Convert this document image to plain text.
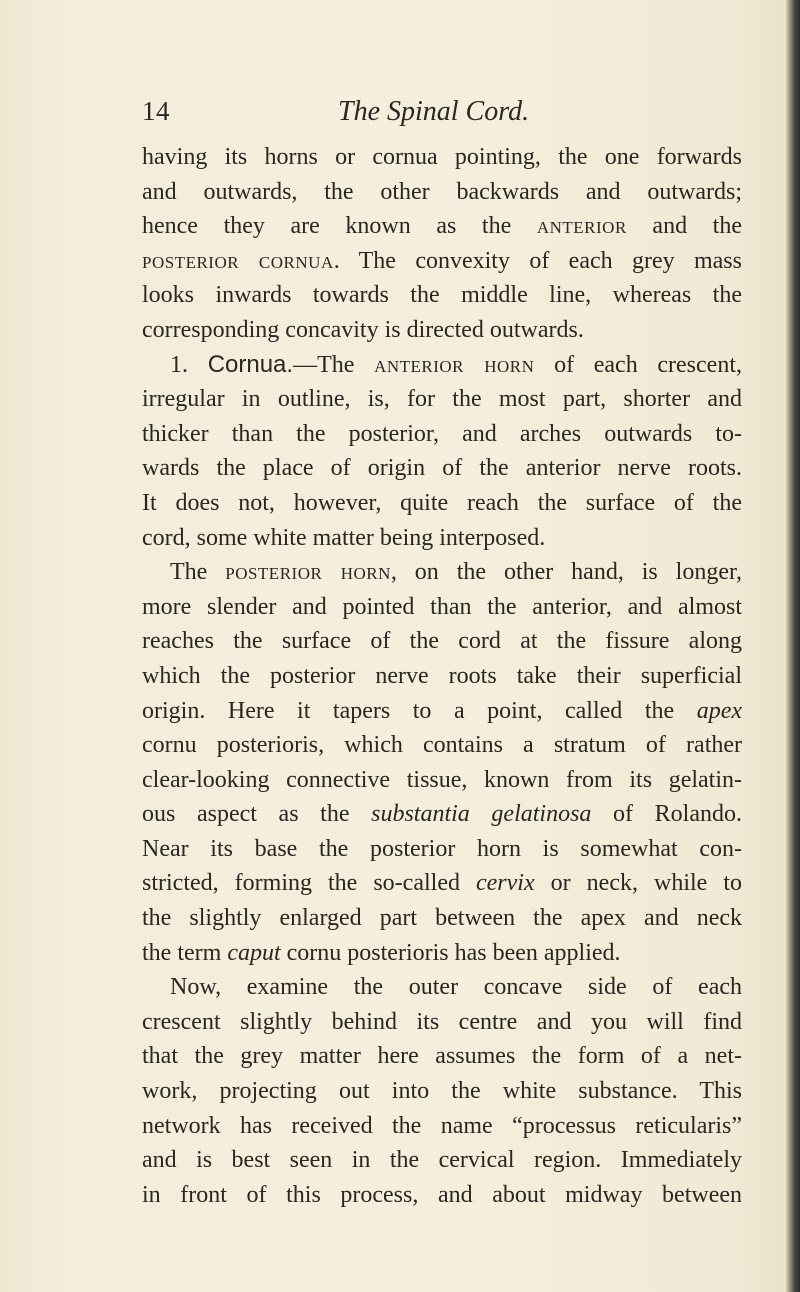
14	The Spinal Cord.
having its horns or cornua pointing, the one forwards
and outwards, the other backwards and outwards;
hence they are known as the anterior and the
posterior cornua. The convexity of each grey mass
looks inwards towards the middle line, whereas the
corresponding concavity is directed outwards.
1. Cornua.—The anterior horn of each crescent,
irregular in outline, is, for the most part, shorter and
thicker than the posterior, and arches outwards to-
wards the place of origin of the anterior nerve roots.
It does not, however, quite reach the surface of the
cord, some white matter being interposed.
The posterior horn, on the other hand, is longer,
more slender and pointed than the anterior, and almost
reaches the surface of the cord at the fissure along
which the posterior nerve roots take their superficial
origin. Here it tapers to a point, called the apex
cornu posterioris, which contains a stratum of rather
clear-looking connective tissue, known from its gelatin-
ous aspect as the substantia gelatinosa of Rolando.
Near its base the posterior horn is somewhat con-
stricted, forming the so-called cervix or neck, while to
the slightly enlarged part between the apex and neck
the term caput cornu posterioris has been applied.
Now, examine the outer concave side of each
crescent slightly behind its centre and you will find
that the grey matter here assumes the form of a net-
work, projecting out into the white substance. This
network has received the name “processus reticularis”
and is best seen in the cervical region. Immediately
in front of this process, and about midway between
